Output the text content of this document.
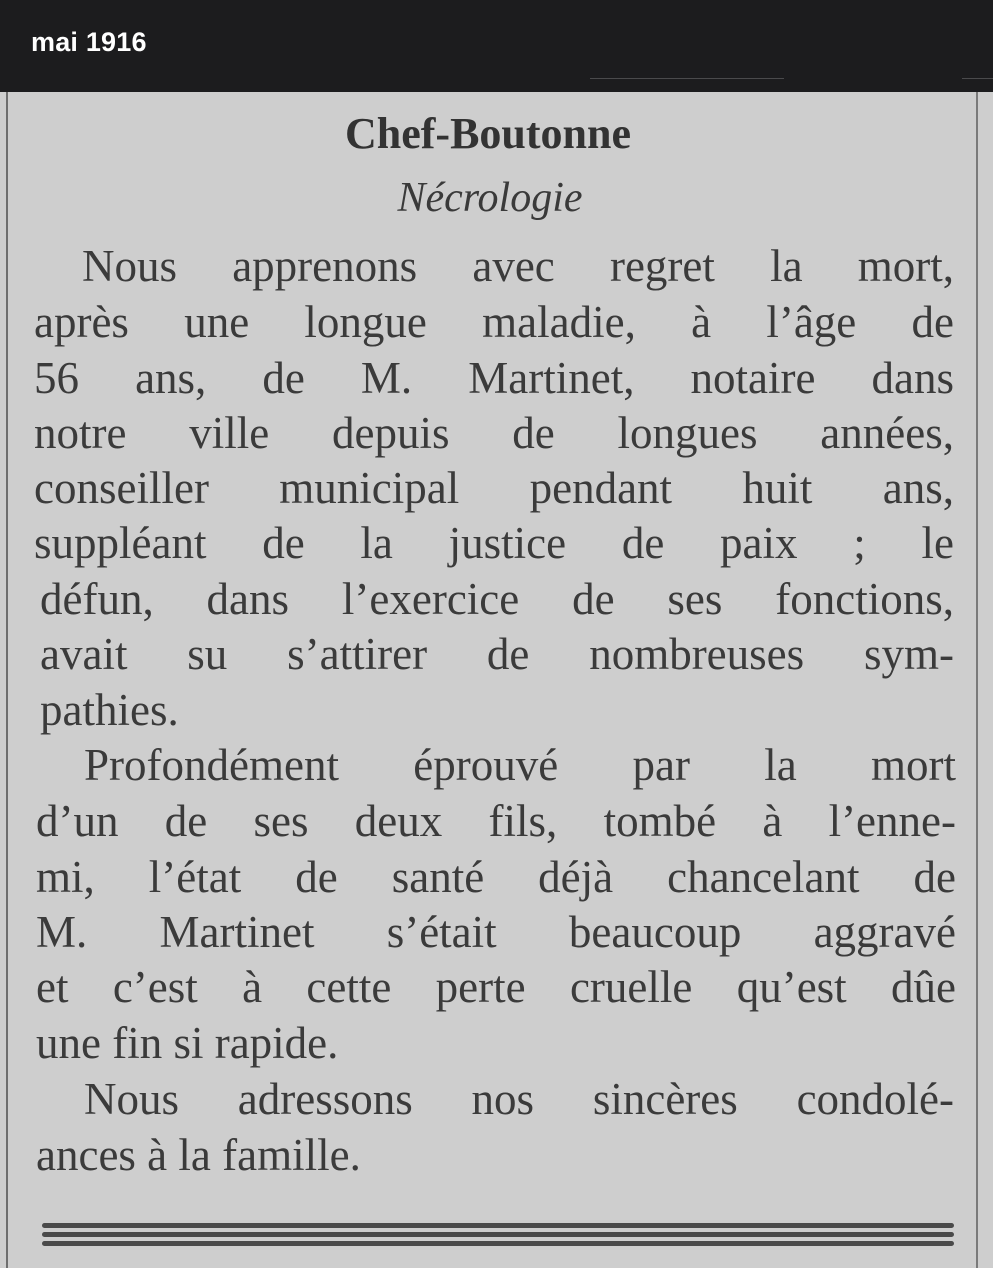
mai 1916
Chef-Boutonne
Nécrologie
Nous apprenons avec regret la mort,
après une longue maladie, à l’âge de
56 ans, de M. Martinet, notaire dans
notre ville depuis de longues années,
conseiller municipal pendant huit ans,
suppléant de la justice de paix ; le
défun, dans l’exercice de ses fonctions,
avait su s’attirer de nombreuses sym-
pathies.
Profondément éprouvé par la mort
d’un de ses deux fils, tombé à l’enne-
mi, l’état de santé déjà chancelant de
M. Martinet s’était beaucoup aggravé
et c’est à cette perte cruelle qu’est dûe
une fin si rapide.
Nous adressons nos sincères condolé-
ances à la famille.
